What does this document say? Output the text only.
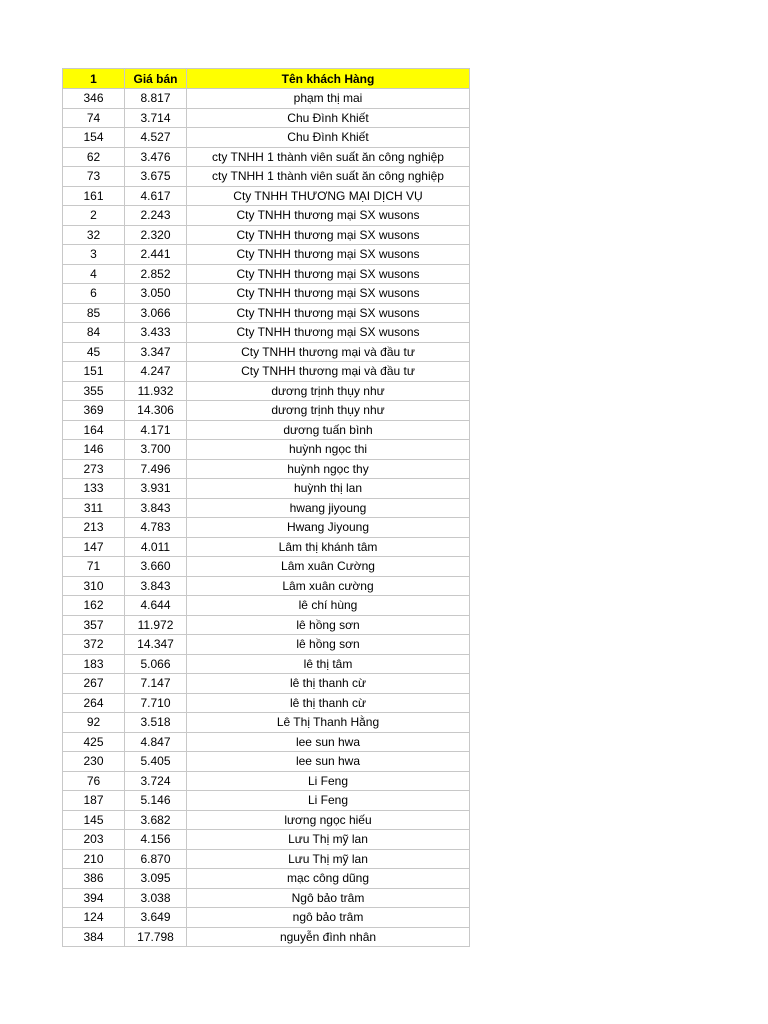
1	Giá bán	Tên khách Hàng
346	8.817	phạm thị mai
74	3.714	Chu Đình Khiết
154	4.527	Chu Đình Khiết
62	3.476	cty TNHH 1 thành viên suất ăn công nghiệp
73	3.675	cty TNHH 1 thành viên suất ăn công nghiệp
161	4.617	Cty TNHH THƯƠNG MẠI DỊCH VỤ
2	2.243	Cty TNHH thương mại SX wusons
32	2.320	Cty TNHH thương mại SX wusons
3	2.441	Cty TNHH thương mại SX wusons
4	2.852	Cty TNHH thương mại SX wusons
6	3.050	Cty TNHH thương mại SX wusons
85	3.066	Cty TNHH thương mại SX wusons
84	3.433	Cty TNHH thương mại SX wusons
45	3.347	Cty TNHH thương mại và đầu tư
151	4.247	Cty TNHH thương mại và đầu tư
355	11.932	dương trịnh thụy như
369	14.306	dương trịnh thụy như
164	4.171	dương tuấn bình
146	3.700	huỳnh ngọc thi
273	7.496	huỳnh ngọc thy
133	3.931	huỳnh thị lan
311	3.843	hwang jiyoung
213	4.783	Hwang Jiyoung
147	4.011	Lâm thị khánh tâm
71	3.660	Lâm xuân Cường
310	3.843	Lâm xuân cường
162	4.644	lê chí hùng
357	11.972	lê hồng sơn
372	14.347	lê hồng sơn
183	5.066	lê thị tâm
267	7.147	lê thị thanh cừ
264	7.710	lê thị thanh cừ
92	3.518	Lê Thị Thanh Hằng
425	4.847	lee sun hwa
230	5.405	lee sun hwa
76	3.724	Li Feng
187	5.146	Li Feng
145	3.682	lương ngọc hiếu
203	4.156	Lưu Thị mỹ lan
210	6.870	Lưu Thị mỹ lan
386	3.095	mạc công dũng
394	3.038	Ngô bảo trâm
124	3.649	ngô bảo trâm
384	17.798	nguyễn đình nhân
